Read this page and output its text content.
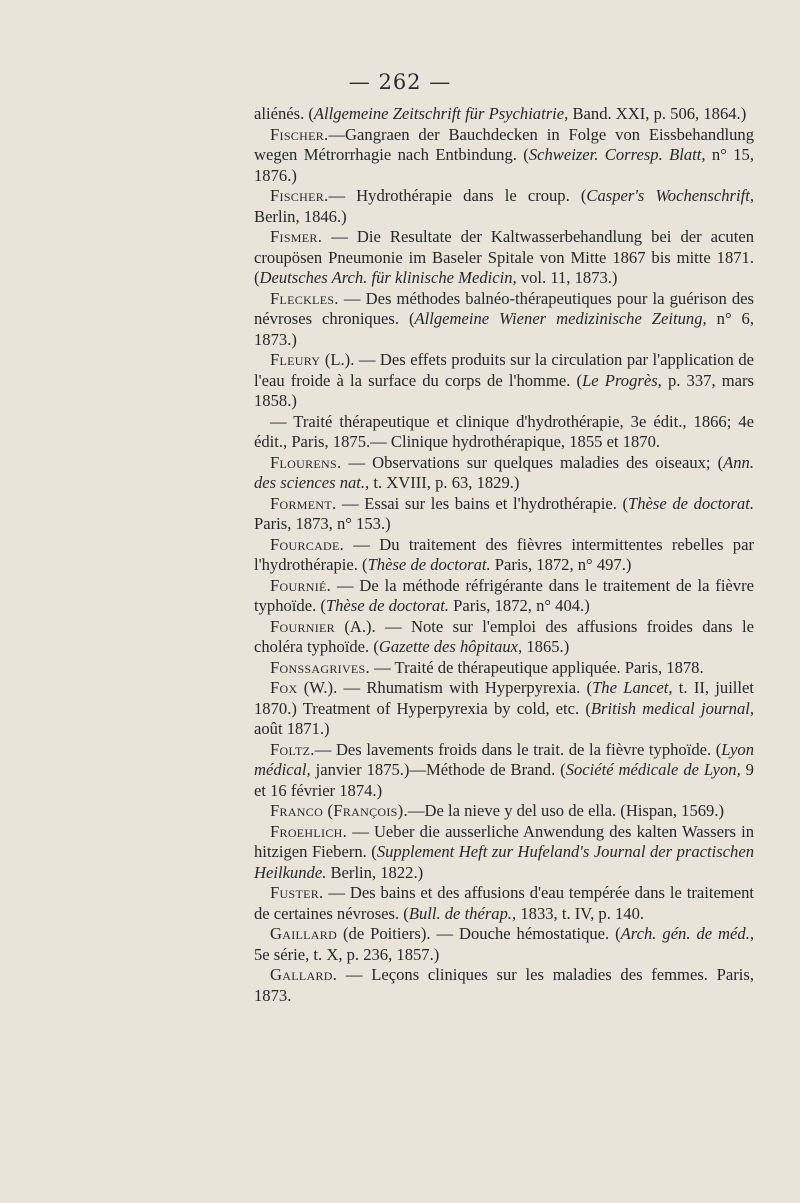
— 262 —

aliénés. (Allgemeine Zeitschrift für Psychiatrie, Band. XXI, p. 506, 1864.)

Fischer.—Gangraen der Bauchdecken in Folge von Eissbehandlung wegen Métrorrhagie nach Entbindung. (Schweizer. Corresp. Blatt, n° 15, 1876.)

Fischer.— Hydrothérapie dans le croup. (Casper's Wochenschrift, Berlin, 1846.)

Fismer. — Die Resultate der Kaltwasserbehandlung bei der acuten croupösen Pneumonie im Baseler Spitale von Mitte 1867 bis mitte 1871. (Deutsches Arch. für klinische Medicin, vol. 11, 1873.)

Fleckles. — Des méthodes balnéo-thérapeutiques pour la guérison des névroses chroniques. (Allgemeine Wiener medizinische Zeitung, n° 6, 1873.)

Fleury (L.). — Des effets produits sur la circulation par l'application de l'eau froide à la surface du corps de l'homme. (Le Progrès, p. 337, mars 1858.)

— Traité thérapeutique et clinique d'hydrothérapie, 3e édit., 1866; 4e édit., Paris, 1875.— Clinique hydrothérapique, 1855 et 1870.

Flourens. — Observations sur quelques maladies des oiseaux; (Ann. des sciences nat., t. XVIII, p. 63, 1829.)

Forment. — Essai sur les bains et l'hydrothérapie. (Thèse de doctorat. Paris, 1873, n° 153.)

Fourcade. — Du traitement des fièvres intermittentes rebelles par l'hydrothérapie. (Thèse de doctorat. Paris, 1872, n° 497.)

Fournié. — De la méthode réfrigérante dans le traitement de la fièvre typhoïde. (Thèse de doctorat. Paris, 1872, n° 404.)

Fournier (A.). — Note sur l'emploi des affusions froides dans le choléra typhoïde. (Gazette des hôpitaux, 1865.)

Fonssagrives. — Traité de thérapeutique appliquée. Paris, 1878.

Fox (W.). — Rhumatism with Hyperpyrexia. (The Lancet, t. II, juillet 1870.) Treatment of Hyperpyrexia by cold, etc. (British medical journal, août 1871.)

Foltz.— Des lavements froids dans le trait. de la fièvre typhoïde. (Lyon médical, janvier 1875.)—Méthode de Brand. (Société médicale de Lyon, 9 et 16 février 1874.)

Franco (François).—De la nieve y del uso de ella. (Hispan, 1569.)

Froehlich. — Ueber die ausserliche Anwendung des kalten Wassers in hitzigen Fiebern. (Supplement Heft zur Hufeland's Journal der practischen Heilkunde. Berlin, 1822.)

Fuster. — Des bains et des affusions d'eau tempérée dans le traitement de certaines névroses. (Bull. de thérap., 1833, t. IV, p. 140.

Gaillard (de Poitiers). — Douche hémostatique. (Arch. gén. de méd., 5e série, t. X, p. 236, 1857.)

Gallard. — Leçons cliniques sur les maladies des femmes. Paris, 1873.
